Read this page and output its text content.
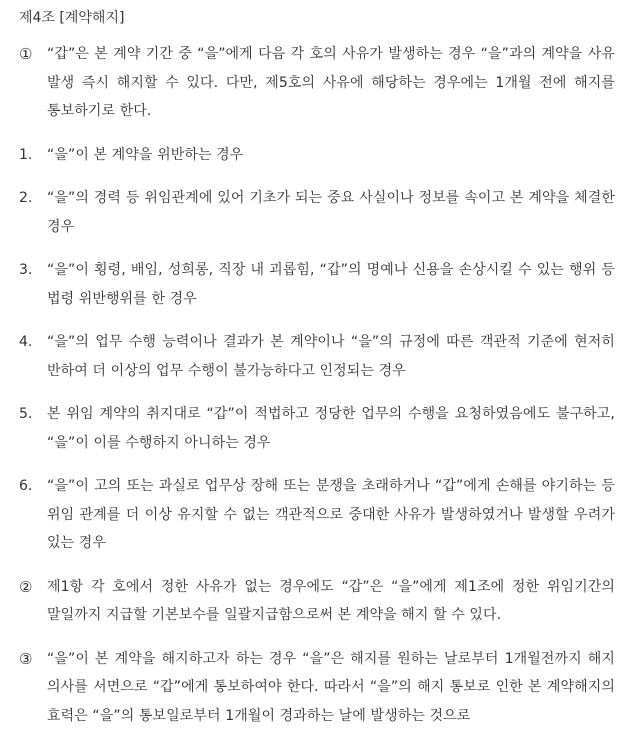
제4조 [계약해지]
①	“갑”은 본 계약 기간 중 “을”에게 다음 각 호의 사유가 발생하는 경우 “을”과의 계약을 사유 발생 즉시 해지할 수 있다. 다만, 제5호의 사유에 해당하는 경우에는 1개월 전에 해지를 통보하기로 한다.
1.	“을”이 본 계약을 위반하는 경우
2.	“을”의 경력 등 위임관계에 있어 기초가 되는 중요 사실이나 정보를 속이고 본 계약을 체결한 경우
3.	“을”이 횡령, 배임, 성희롱, 직장 내 괴롭힘, “갑”의 명예나 신용을 손상시킬 수 있는 행위 등 법령 위반행위를 한 경우
4.	“을”의 업무 수행 능력이나 결과가 본 계약이나 “을”의 규정에 따른 객관적 기준에 현저히 반하여 더 이상의 업무 수행이 불가능하다고 인정되는 경우
5.	본 위임 계약의 취지대로 “갑”이 적법하고 정당한 업무의 수행을 요청하였음에도 불구하고, “을”이 이를 수행하지 아니하는 경우
6.	“을”이 고의 또는 과실로 업무상 장해 또는 분쟁을 초래하거나 “갑”에게 손해를 야기하는 등 위임 관계를 더 이상 유지할 수 없는 객관적으로 중대한 사유가 발생하였거나 발생할 우려가 있는 경우
②	제1항 각 호에서 정한 사유가 없는 경우에도 “갑”은 “을”에게 제1조에 정한 위임기간의 말일까지 지급할 기본보수를 일괄지급함으로써 본 계약을 해지 할 수 있다.
③	“을”이 본 계약을 해지하고자 하는 경우 “을”은 해지를 원하는 날로부터 1개월전까지 해지 의사를 서면으로 “갑”에게 통보하여야 한다. 따라서 “을”의 해지 통보로 인한 본 계약해지의 효력은 “을”의 통보일로부터 1개월이 경과하는 날에 발생하는 것으로
